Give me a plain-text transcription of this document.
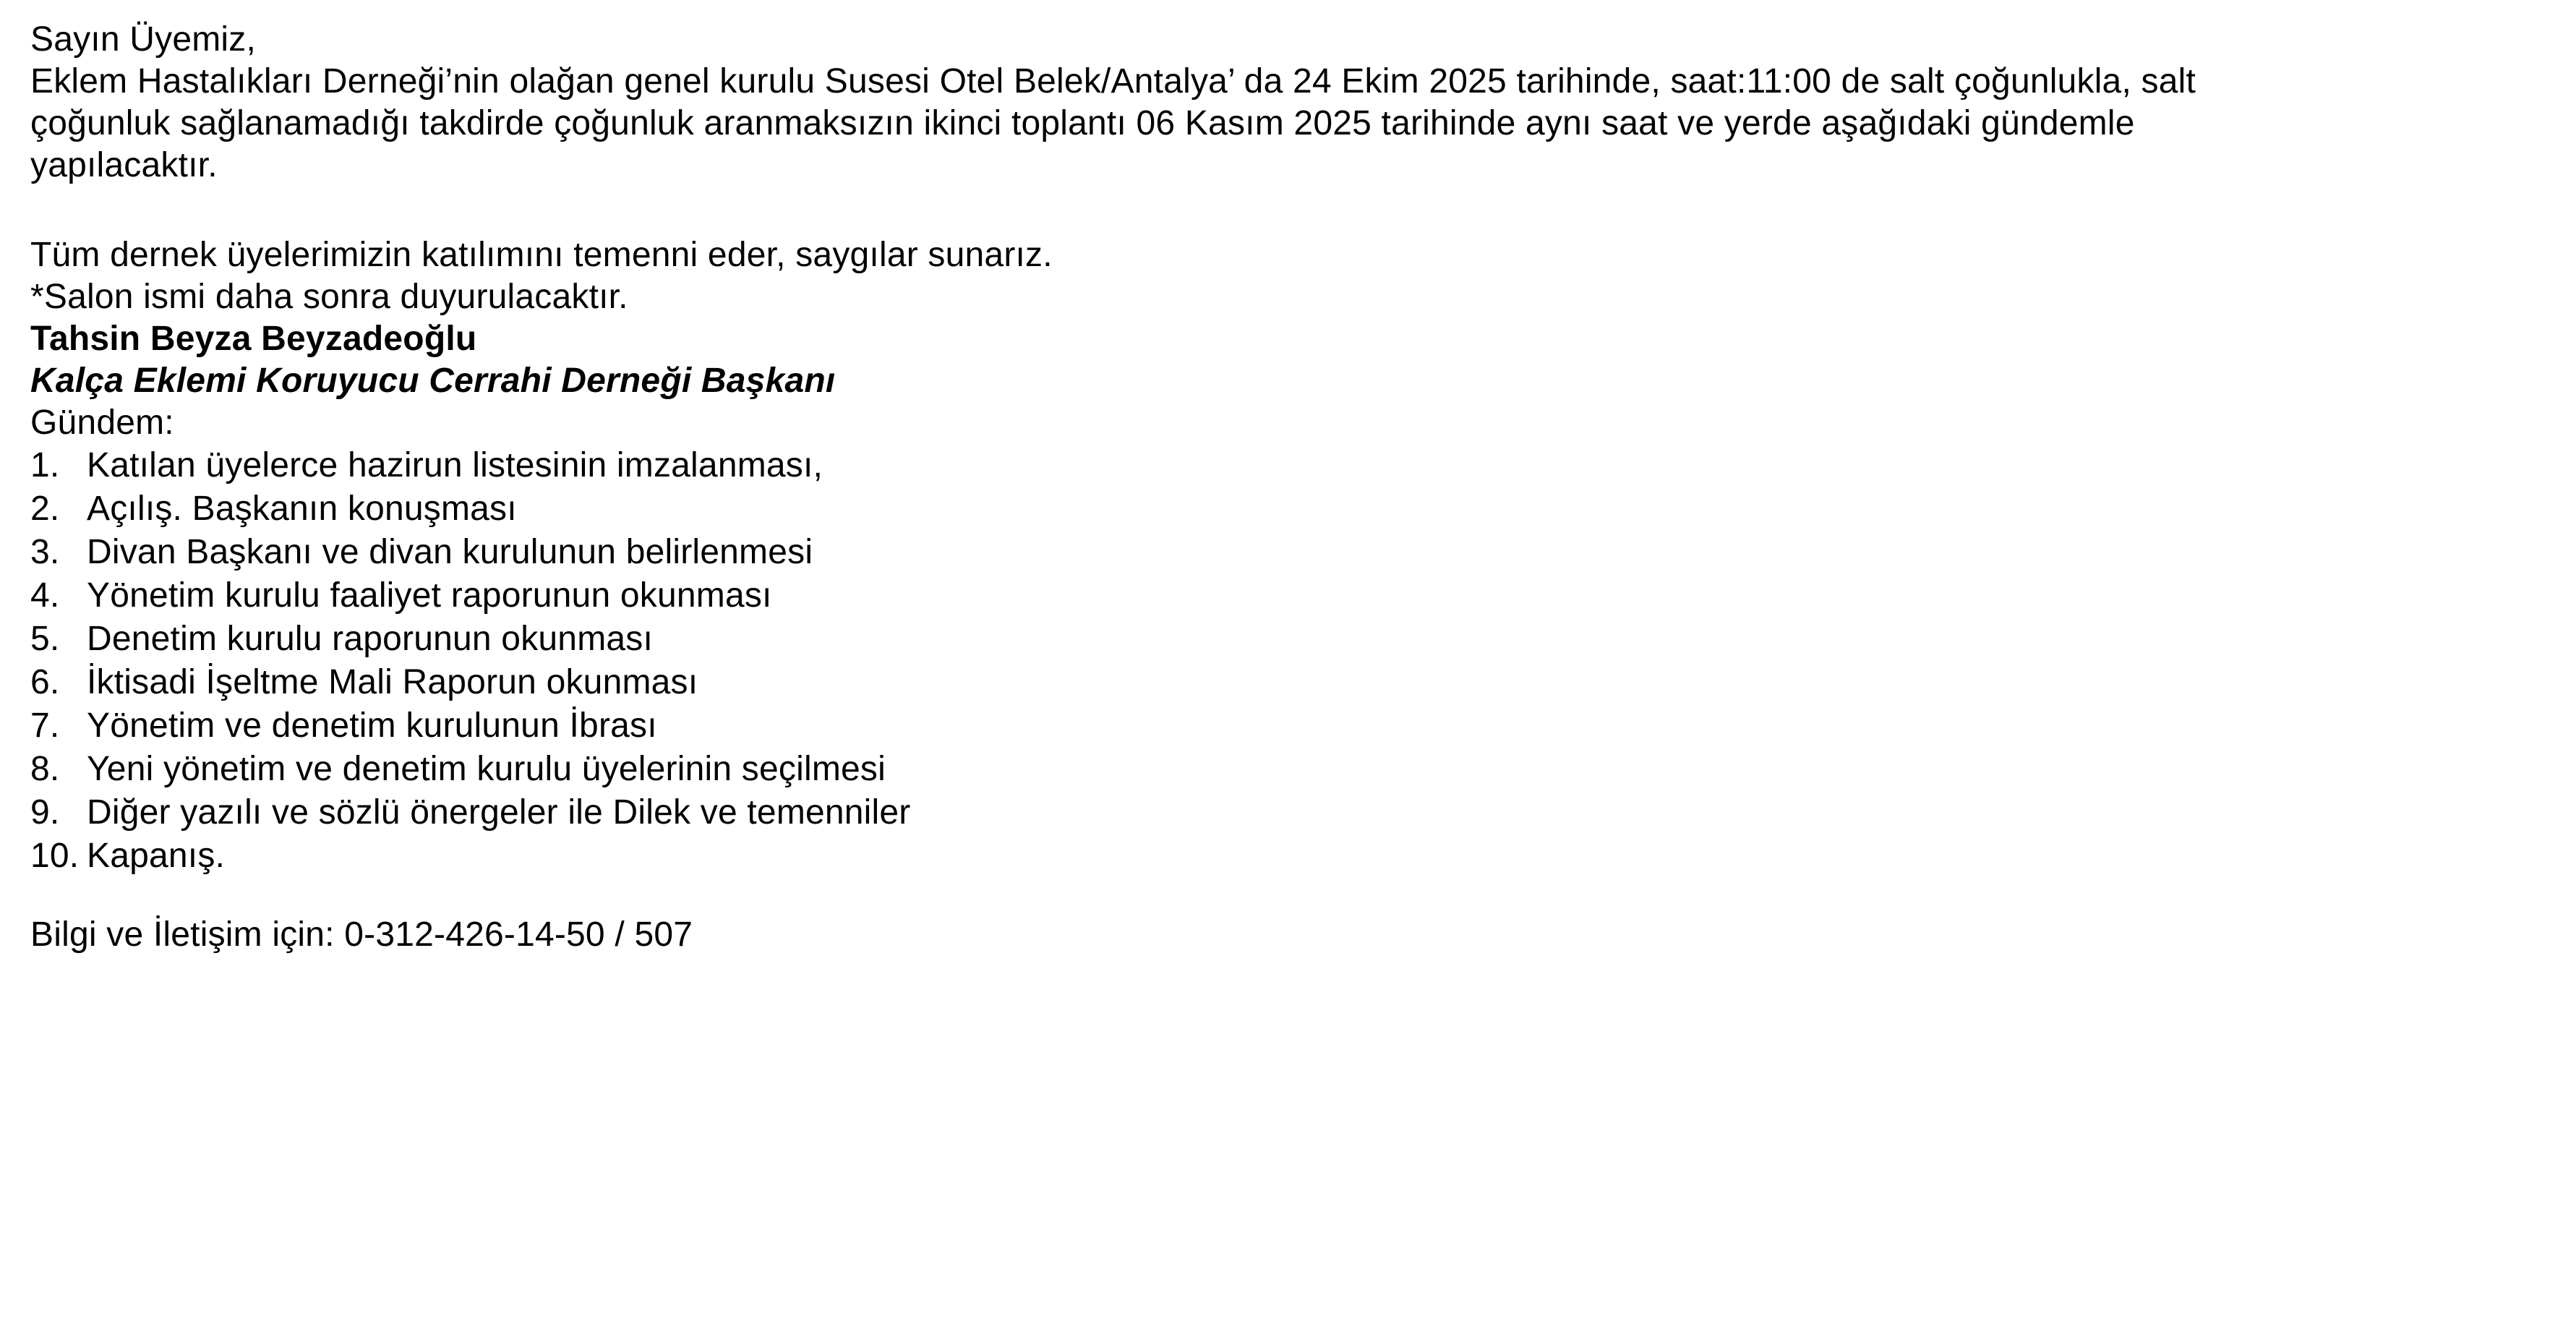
Sayın Üyemiz,

Eklem Hastalıkları Derneği’nin olağan genel kurulu Susesi Otel Belek/Antalya’ da 24 Ekim 2025 tarihinde, saat:11:00 de salt çoğunlukla, salt
çoğunluk sağlanamadığı takdirde çoğunluk aranmaksızın ikinci toplantı 06 Kasım 2025 tarihinde aynı saat ve yerde aşağıdaki gündemle
yapılacaktır.

Tüm dernek üyelerimizin katılımını temenni eder, saygılar sunarız.

*Salon ismi daha sonra duyurulacaktır.

Tahsin Beyza Beyzadeoğlu

Kalça Eklemi Koruyucu Cerrahi Derneği Başkanı

Gündem:

1. Katılan üyelerce hazirun listesinin imzalanması,
2. Açılış. Başkanın konuşması
3. Divan Başkanı ve divan kurulunun belirlenmesi
4. Yönetim kurulu faaliyet raporunun okunması
5. Denetim kurulu raporunun okunması
6. İktisadi İşeltme Mali Raporun okunması
7. Yönetim ve denetim kurulunun İbrası
8. Yeni yönetim ve denetim kurulu üyelerinin seçilmesi
9. Diğer yazılı ve sözlü önergeler ile Dilek ve temenniler
10. Kapanış.

Bilgi ve İletişim için: 0-312-426-14-50 / 507
